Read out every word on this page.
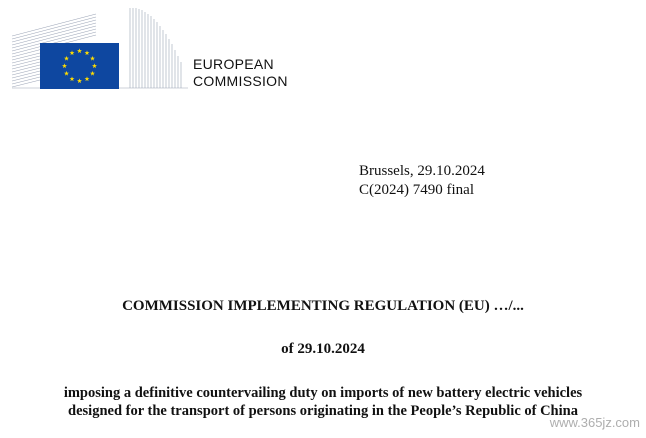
EUROPEAN
COMMISSION
Brussels, 29.10.2024
C(2024) 7490 final
COMMISSION IMPLEMENTING REGULATION (EU) …/...
of 29.10.2024
imposing a definitive countervailing duty on imports of new battery electric vehicles
designed for the transport of persons originating in the People’s Republic of China
www.365jz.com
